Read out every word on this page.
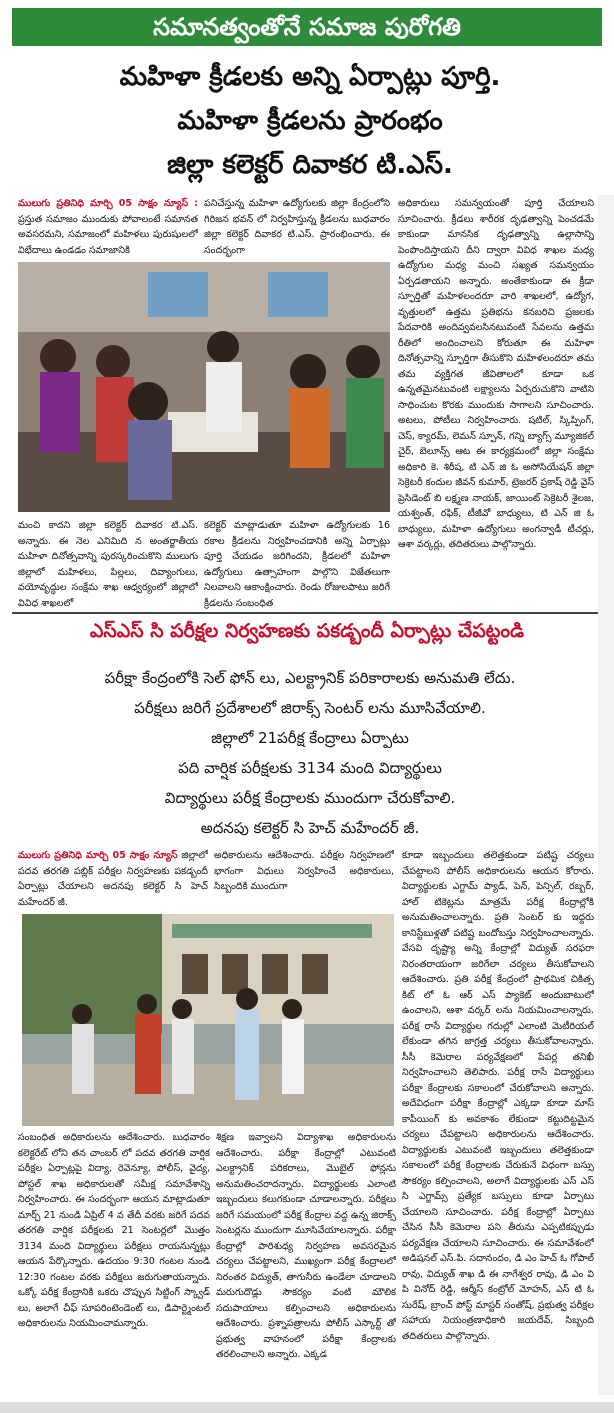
సమానత్వంతోనే సమాజ పురోగతి
మహిళా క్రీడలకు అన్ని ఏర్పాట్లు పూర్తి.
మహిళా క్రీడలను ప్రారంభం
జిల్లా కలెక్టర్ దివాకర టి.ఎస్.
ములుగు ప్రతినిధి మార్చి 05 సాక్షం న్యూస్ : ప్రస్తుత సమాజం ముందుకు పోవాలంటే సమానత అవసరమని, సమాజంలో మహిళలు పురుషులలో విభేదాలు ఉండడం సమాజానికి
పనిచేస్తున్న మహిళా ఉద్యోగులకు జిల్లా కేంద్రంలోని గిరిజన భవన్ లో నిర్వహిస్తున్న క్రీడలను బుధవారం జిల్లా కలెక్టర్ దివాకర టి.ఎస్. ప్రారంభించారు. ఈ సందర్భంగా
మంచి కాదని జిల్లా కలెక్టర్ దివాకర టి.ఎస్. అన్నారు. ఈ నెల ఎనిమిది న అంతర్జాతీయ మహిళా దినోత్సవాన్ని పురస్కరించుకొని ములుగు జిల్లాలో మహిళలు, పిల్లలు, దివ్యాంగులు, వయోవృద్ధుల సంక్షేమ శాఖ ఆధ్వర్యంలో జిల్లాలో వివిధ శాఖలలో
కలెక్టర్ మాట్లాడుతూ మహిళా ఉద్యోగులకు 16 రకాల క్రీడలను నిర్వహించడానికి అన్ని ఏర్పాట్లు పూర్తి చేయడం జరిగిందని, క్రీడలలో మహిళా ఉద్యోగులు ఉత్సాహంగా పాల్గొని విజేతలుగా నిలవాలని ఆకాంక్షించారు. రెండు రోజులపాటు జరిగే క్రీడలను సంబంధిత
అధికారులు సమన్వయంతో పూర్తి చేయాలని సూచించారు. క్రీడలు శారీరక దృఢత్వాన్ని పెంచడమే కాకుండా మానసిక దృఢత్వాన్ని ఉల్లాసాన్ని పెంపొందిస్తాయని దీని ద్వారా వివిధ శాఖల మధ్య ఉద్యోగుల మధ్య మంచి సఖ్యత సమన్వయం ఏర్పడతాయని అన్నారు. అంతేకాకుండా ఈ క్రీడా స్ఫూర్తితో మహిళలందరూ వారి శాఖలలో, ఉద్యోగ, వృత్తులలో ఉత్తమ ప్రతిభను కనబరిచి ప్రజలకు పేదవారికి అందివ్వవలసినటువంటి సేవలను ఉత్తమ రీతిలో అందించాలని కోరుతూ ఈ మహిళా దినోత్సవాన్ని స్ఫూర్తిగా తీసుకొని మహిళలందరూ తమ తమ వ్యక్తిగత జీవితాలలో కూడా ఒక ఉన్నతమైనటువంటి లక్ష్యాలను ఏర్పరుచుకొని వాటిని సాధించుట కొరకు ముందుకు సాగాలని సూచించారు. అటలు, పోటీలు నిర్వహించారు. షటిల్, స్కిప్పింగ్, చెస్, క్యారమ్, లెమన్ స్పూన్, గన్ని బ్యాగ్స్ మ్యూజికల్ చైర్, బెలూన్స్ ఆట ఈ కార్యక్రమంలో జిల్లా సంక్షేమ అధికారి కె. శిరీష, టి ఎన్ జి ఓ అసోసియేషన్ జిల్లా సెక్రెటరీ కందుల జీవన్ కుమార్, ట్రెజరర్ ప్రకాష్ రెడ్డి వైస్ ప్రెసిడెంట్ బి లక్ష్మణ నాయక్, జాయింట్ సెక్రెటరీ శైలజ, యశ్వంత్, రఫిక్, టీజీవో బాధ్యులు, టి ఎన్ జి ఓ బాధ్యులు, మహిళా ఉద్యోగులు అంగన్వాడీ టీచర్లు, ఆశా వర్కర్లు, తదితరులు పాల్గొన్నారు.
ఎస్ఎస్ సి పరీక్షల నిర్వహణకు పకడ్బందీ ఏర్పాట్లు చేపట్టండి
పరీక్షా కేంద్రంలోకి సెల్ ఫోన్ లు, ఎలక్ట్రానిక్ పరికారాలకు అనుమతి లేదు.
పరీక్షలు జరిగే ప్రదేశాలలో జిరాక్స్ సెంటర్ లను మూసివేయాలి.
జిల్లాలో 21పరీక్ష కేంద్రాలు ఏర్పాటు
పది వార్షిక పరీక్షలకు 3134 మంది విద్యార్థులు
విద్యార్థులు పరీక్ష కేంద్రాలకు ముందుగా చేరుకోవాలి.
అదనపు కలెక్టర్ సి హెచ్ మహేందర్ జీ.
ములుగు ప్రతినిధి మార్చి 05 సాక్షం న్యూస్ జిల్లాలో పదవ తరగతి పబ్లిక్ పరీక్షల నిర్వహణకు పకడ్బందీ ఏర్పాట్లు చేయాలని అదనపు కలెక్టర్ సి హెచ్ మహేందర్ జీ.
అధికారులను ఆదేశించారు. పరీక్షల నిర్వహణలో భాగంగా విధులు నిర్వహించే అధికారులు, సిబ్బందికి ముందుగా
సంబంధిత అధికారులను ఆదేశించారు. బుధవారం కలెక్టరేట్ లోని తన చాంబర్ లో పదవ తరగతి వార్షిక పరీక్షల ఏర్పాట్లపై విద్యా, రెవెన్యూ, పోలీస్, వైద్య, పోస్టల్ శాఖ అధికారులతో సమీక్ష సమావేశాన్ని నిర్వహించారు. ఈ సందర్భంగా ఆయన మాట్లాడుతూ మార్చ్ 21 నుండి ఏప్రిల్ 4 వ తేదీ వరకు జరిగే పదవ తరగతి వార్షిక పరీక్షలకు 21 సెంటర్లలో మొత్తం 3134 మంది విద్యార్థులు పరీక్షలు రాయనున్నట్లు ఆయన పేర్కొన్నారు. ఉదయం 9:30 గంటల నుండి 12:30 గంటల వరకు పరీక్షలు జరుగుతాయన్నారు. ఒక్కో పరీక్ష కేంద్రానికి ఒకరు చొప్పున సిట్టింగ్ స్క్వాడ్ లు, అలాగే చీఫ్ సూపరింటెండెంట్ లు, డిపార్ట్మెంటల్ అధికారులను నియమించామన్నారు.
శిక్షణ ఇవ్వాలని విద్యాశాఖ అధికారులను ఆదేశించారు. పరీక్షా కేంద్రాల్లో ఎటువంటి ఎలక్ట్రానిక్ పరికరాలు, మొబైల్ ఫోన్లను అనుమతించరాదన్నారు. విద్యార్థులకు ఎలాంటి ఇబ్బందులు కలుగకుండా చూడాలన్నారు. పరీక్షలు జరిగే సమయంలో పరీక్ష కేంద్రాల వద్ద ఉన్న జిరాక్స్ సెంటర్లను ముందుగా మూసివేయాలన్నారు. పరీక్షా కేంద్రాల్లో పారిశుధ్య నిర్వహణ అవసరమైన చర్యలు చేపట్టాలని, ముఖ్యంగా పరీక్ష కేంద్రాలలో నిరంతర విద్యుత్, తాగునీరు ఉండేలా చూడాలని మరుగుదొడ్లు సౌకర్యం వంటి మౌలిక సదుపాయాలు కల్పించాలని అధికారులను ఆదేశించారు. ప్రశ్నాపత్రాలను పోలీస్ ఎస్కార్ట్ తో ప్రభుత్వ వాహనంలో పరీక్షా కేంద్రాలకు తరలించాలని అన్నారు. ఎక్కడ
కూడా ఇబ్బందులు తలెత్తకుండా పటిష్ట చర్యలు చేపట్టాలని పోలీస్ అధికారులను ఆయన కోరారు. విద్యార్థులకు ఎగ్జామ్ ప్యాడ్, పెన్, పెన్సిల్, రబ్బర్, హాల్ టికెట్లను మాత్రమే పరీక్ష కేంద్రాల్లోకి అనుమతించాలన్నారు. ప్రతి సెంటర్ కు ఇద్దరు కానిస్టేబుళ్లతో పటిష్ట బందోబస్తు నిర్వహించాలన్నారు. వేసవి దృష్ట్యా అన్ని కేంద్రాల్లో విద్యుత్ సరఫరా నిరంతరాయంగా జరిగేలా చర్యలు తీసుకోవాలని ఆదేశించారు. ప్రతి పరీక్ష కేంద్రంలో ప్రాథమిక చికిత్స కిట్ లో ఓ ఆర్ ఎస్ ప్యాకెట్ అందుబాటులో ఉంచాలని, ఆశా వర్కర్ లను నియమించాలన్నారు. పరీక్ష రాసే విద్యార్థుల గదుల్లో ఎలాంటి మెటీరియల్ లేకుండా తగిన జాగ్రత్త చర్యలు తీసుకోవాలన్నారు. సీసీ కెమెరాల పర్యవేక్షణలో పేపర్ల తనిఖీ నిర్వహించాలని తెలిపారు. పరీక్ష రాసే విద్యార్థులు పరీక్షా కేంద్రాలకు సకాలంలో చేరుకోవాలని అన్నారు. అదేవిధంగా పరీక్షా కేంద్రాల్లో ఎక్కడా కూడా మాస్ కాపీయింగ్ కు అవకాశం లేకుండా కట్టుదిట్టమైన చర్యలు చేపట్టాలని అధికారులను ఆదేశించారు. విద్యార్థులకు ఎటువంటి ఇబ్బందులు తలెత్తకుండా సకాలంలో పరీక్ష కేంద్రాలకు చేరుకునే విధంగా బస్సు సౌకర్యం కల్పించాలని, అలాగే విద్యార్థులకు ఎస్ ఎస్ సి ఎగ్జామ్స్ ప్రత్యేక బస్సులు కూడా ఏర్పాటు చేయాలని సూచించారు. పరీక్ష కేంద్రాల్లో ఏర్పాటు చేసిన సీసీ కెమెరాల పని తీరును ఎప్పటికప్పుడు పర్యవేక్షణ చేయాలని సూచించారు. ఈ సమావేశంలో అడిషనల్ ఎస్.పి. సదానందం, డి ఎం హెచ్ ఓ గోపాల్ రావు, విద్యుత్ శాఖ డి ఈ నాగేశ్వర రావు, డి ఎం వి పి వినోద్ రెడ్డి, ఆర్మీస్ కంట్రోల్ మోహన్, ఎస్ టి ఓ సురేష్, బ్రాంచ్ పోస్ట్ మాస్టర్ సంతోష్, ప్రభుత్వ పరీక్షల సహాయ నియంత్రణాధికారి జయదేవ్, సిబ్బంది తదితరులు పాల్గొన్నారు.
